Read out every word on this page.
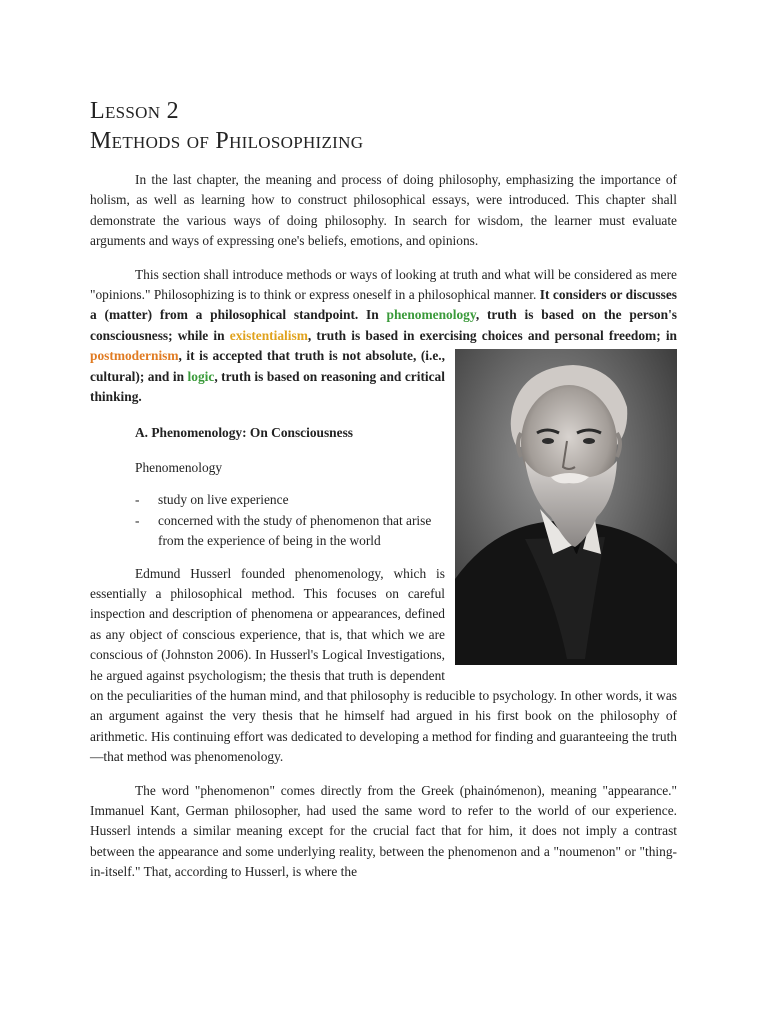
Lesson 2
Methods of Philosophizing

In the last chapter, the meaning and process of doing philosophy, emphasizing the importance of holism, as well as learning how to construct philosophical essays, were introduced. This chapter shall demonstrate the various ways of doing philosophy. In search for wisdom, the learner must evaluate arguments and ways of expressing one's beliefs, emotions, and opinions.

This section shall introduce methods or ways of looking at truth and what will be considered as mere "opinions." Philosophizing is to think or express oneself in a philosophical manner. It considers or discusses a (matter) from a philosophical standpoint. In phenomenology, truth is based on the person's consciousness; while in existentialism, truth is based in exercising choices and personal freedom; in postmodernism
, it is accepted that truth is not absolute, (i.e., cultural); and in logic, truth is based on reasoning and critical thinking.

A. Phenomenology: On Consciousness
Phenomenology
- study on live experience
- concerned with the study of phenomenon that arise from the experience of being in the world

Edmund Husserl founded phenomenology, which is essentially a philosophical method. This focuses on careful inspection and description of phenomena or appearances, defined as any object of conscious experience, that is, that which we are conscious of (Johnston 2006). In Husserl's Logical Investigations, he argued against psychologism; the thesis that truth is dependent on the peculiarities of the human mind, and that philosophy is reducible to psychology. In other words, it was an argument against the very thesis that he himself had argued in his first book on the philosophy of arithmetic. His continuing effort was dedicated to developing a method for finding and guaranteeing the truth—that method was phenomenology.

The word "phenomenon" comes directly from the Greek (phainómenon), meaning "appearance." Immanuel Kant, German philosopher, had used the same word to refer to the world of our experience. Husserl intends a similar meaning except for the crucial fact that for him, it does not imply a contrast between the appearance and some underlying reality, between the phenomenon and a "noumenon" or "thing-in-itself." That, according to Husserl, is where the
